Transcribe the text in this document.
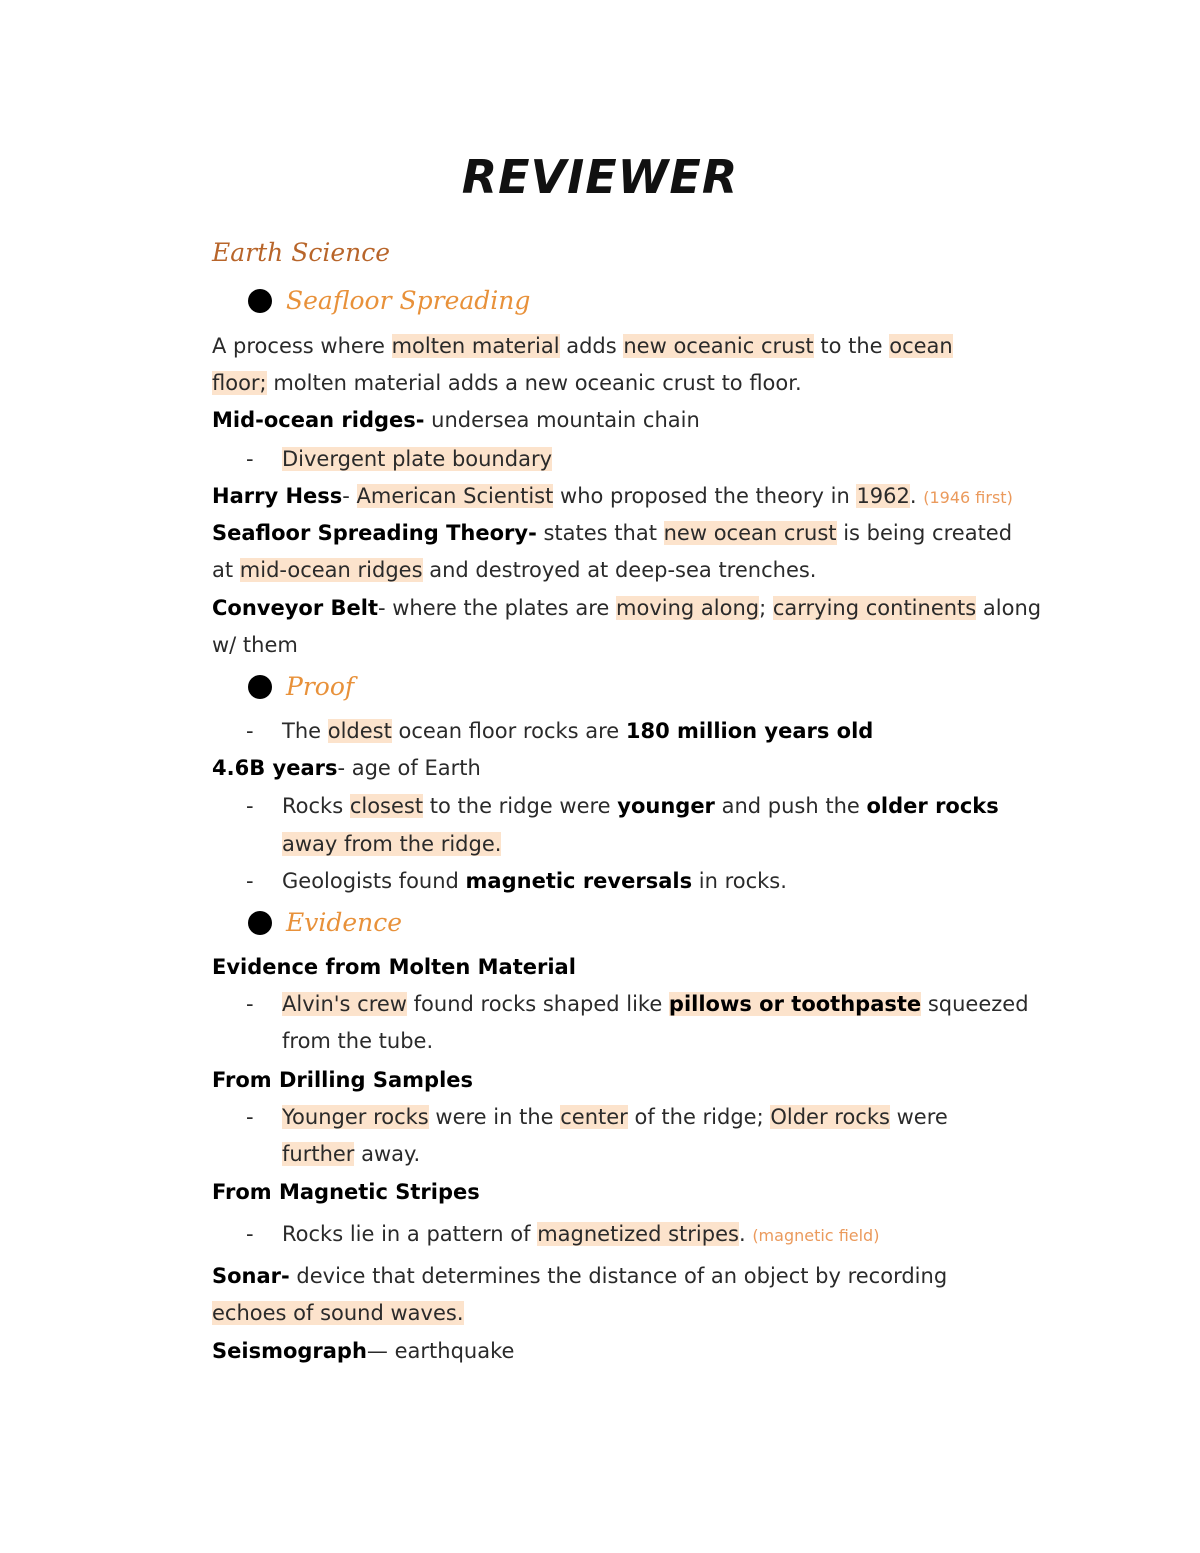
REVIEWER
Earth Science
Seafloor Spreading
A process where molten material adds new oceanic crust to the ocean
floor; molten material adds a new oceanic crust to floor.
Mid-ocean ridges- undersea mountain chain
- Divergent plate boundary
Harry Hess- American Scientist who proposed the theory in 1962. (1946 first)
Seafloor Spreading Theory- states that new ocean crust is being created
at mid-ocean ridges and destroyed at deep-sea trenches.
Conveyor Belt- where the plates are moving along; carrying continents along
w/ them
Proof
- The oldest ocean floor rocks are 180 million years old
4.6B years- age of Earth
- Rocks closest to the ridge were younger and push the older rocks
away from the ridge.
- Geologists found magnetic reversals in rocks.
Evidence
Evidence from Molten Material
- Alvin's crew found rocks shaped like pillows or toothpaste squeezed
from the tube.
From Drilling Samples
- Younger rocks were in the center of the ridge; Older rocks were
further away.
From Magnetic Stripes
- Rocks lie in a pattern of magnetized stripes. (magnetic field)
Sonar- device that determines the distance of an object by recording
echoes of sound waves.
Seismograph— earthquake
